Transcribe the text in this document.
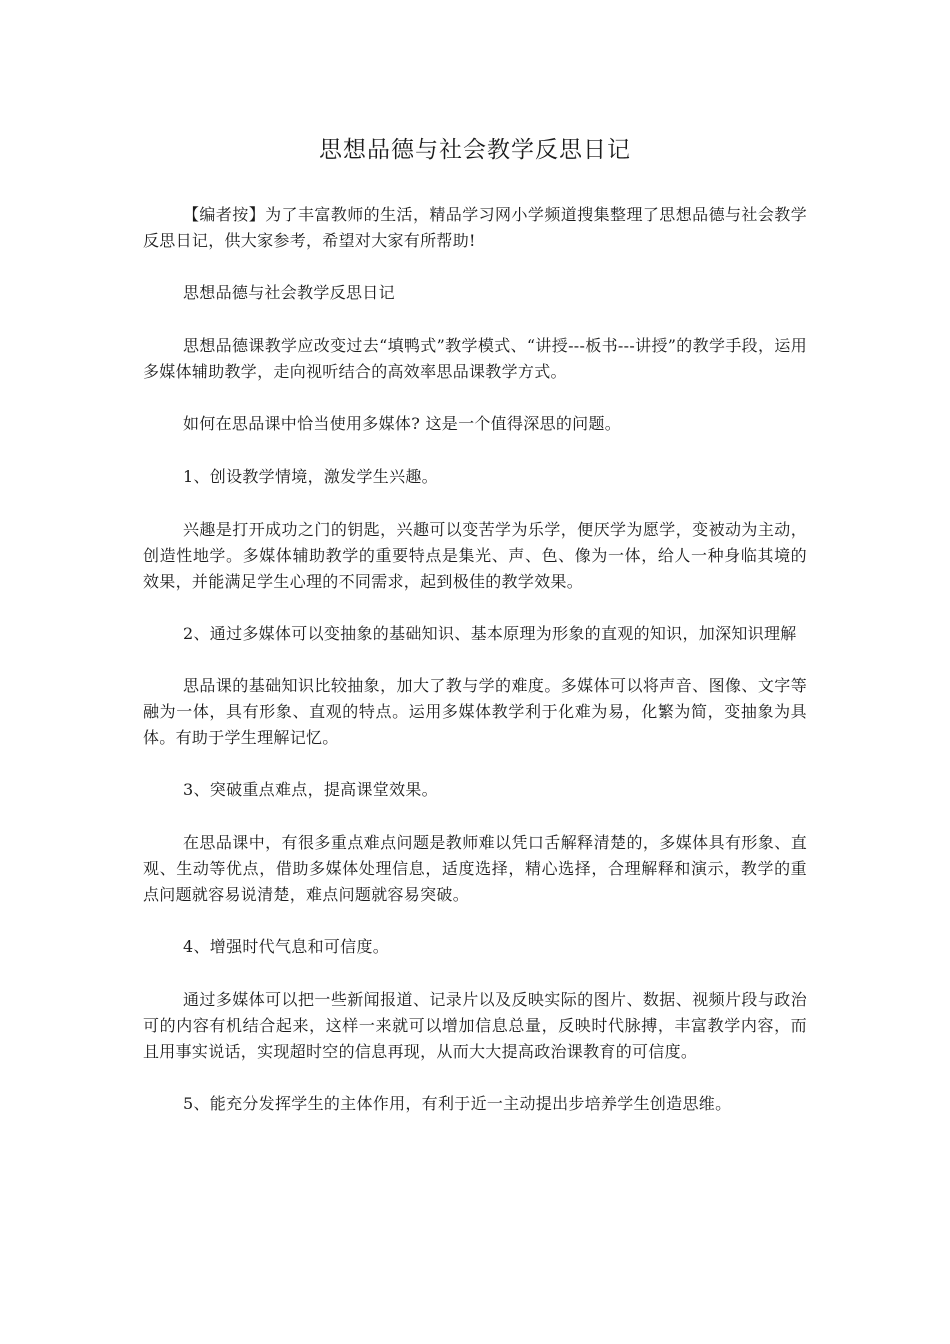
思想品德与社会教学反思日记

【编者按】为了丰富教师的生活，精品学习网小学频道搜集整理了思想品德与社会教学反思日记，供大家参考，希望对大家有所帮助!

思想品德与社会教学反思日记

思想品德课教学应改变过去“填鸭式”教学模式、“讲授---板书---讲授”的教学手段，运用多媒体辅助教学，走向视听结合的高效率思品课教学方式。

如何在思品课中恰当使用多媒体? 这是一个值得深思的问题。

1、创设教学情境，激发学生兴趣。

兴趣是打开成功之门的钥匙，兴趣可以变苦学为乐学，便厌学为愿学，变被动为主动，创造性地学。多媒体辅助教学的重要特点是集光、声、色、像为一体，给人一种身临其境的效果，并能满足学生心理的不同需求，起到极佳的教学效果。

2、通过多媒体可以变抽象的基础知识、基本原理为形象的直观的知识，加深知识理解

思品课的基础知识比较抽象，加大了教与学的难度。多媒体可以将声音、图像、文字等融为一体，具有形象、直观的特点。运用多媒体教学利于化难为易，化繁为简，变抽象为具体。有助于学生理解记忆。

3、突破重点难点，提高课堂效果。

在思品课中，有很多重点难点问题是教师难以凭口舌解释清楚的，多媒体具有形象、直观、生动等优点，借助多媒体处理信息，适度选择，精心选择，合理解释和演示，教学的重点问题就容易说清楚，难点问题就容易突破。

4、增强时代气息和可信度。

通过多媒体可以把一些新闻报道、记录片以及反映实际的图片、数据、视频片段与政治可的内容有机结合起来，这样一来就可以增加信息总量，反映时代脉搏，丰富教学内容，而且用事实说话，实现超时空的信息再现，从而大大提高政治课教育的可信度。

5、能充分发挥学生的主体作用，有利于近一主动提出步培养学生创造思维。
